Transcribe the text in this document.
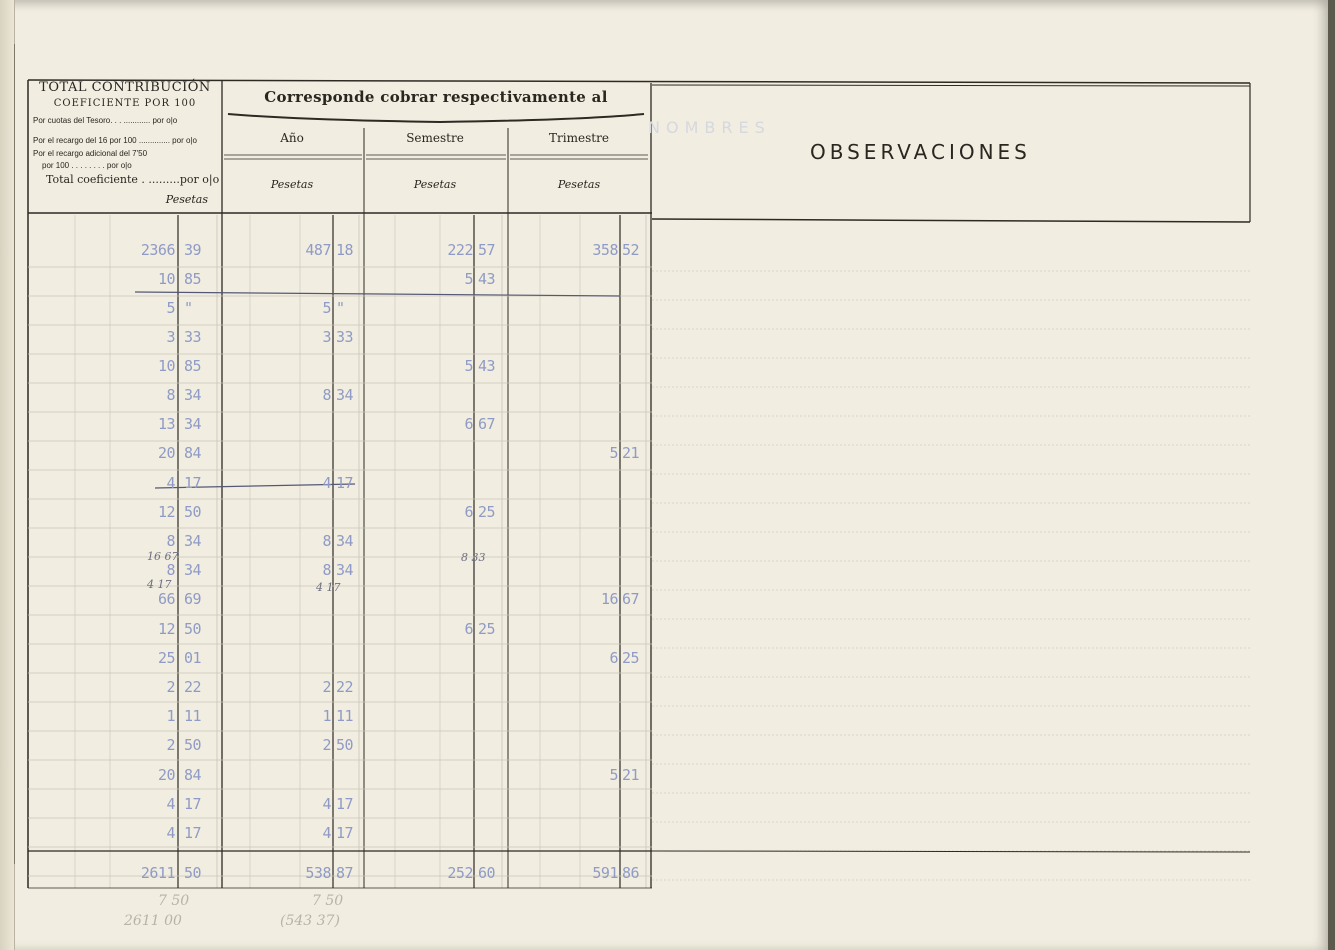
NOMBRES
TOTAL CONTRIBUCIÓN
COEFICIENTE POR 100
Por cuotas del Tesoro. . . ............ por o|o
Por el recargo del 16 por 100 .............. por o|o
Por el recargo adicional del 7'50
por 100 . . . . . . . . por o|o
Total coeficiente . .........por o|o
Pesetas
Corresponde cobrar respectivamente al
Año	Semestre	Trimestre
Pesetas	Pesetas	Pesetas
OBSERVACIONES
2366 39	487 18	222 57	358 52
10 85	5 43
5 "	5 "
3 33	3 33
10 85	5 43
8 34	8 34
13 34	6 67
20 84	5 21
4 17	4 17
12 50	6 25
8 34	8 34
8 34	8 34
66 69	16 67
12 50	6 25
25 01	6 25
2 22	2 22
1 11	1 11
2 50	2 50
20 84	5 21
4 17	4 17
4 17	4 17
2611 50	538 87	252 60	591 86
16 67	8 33
4 17	4 17
7 50
2611 00
7 50
(543 37)
